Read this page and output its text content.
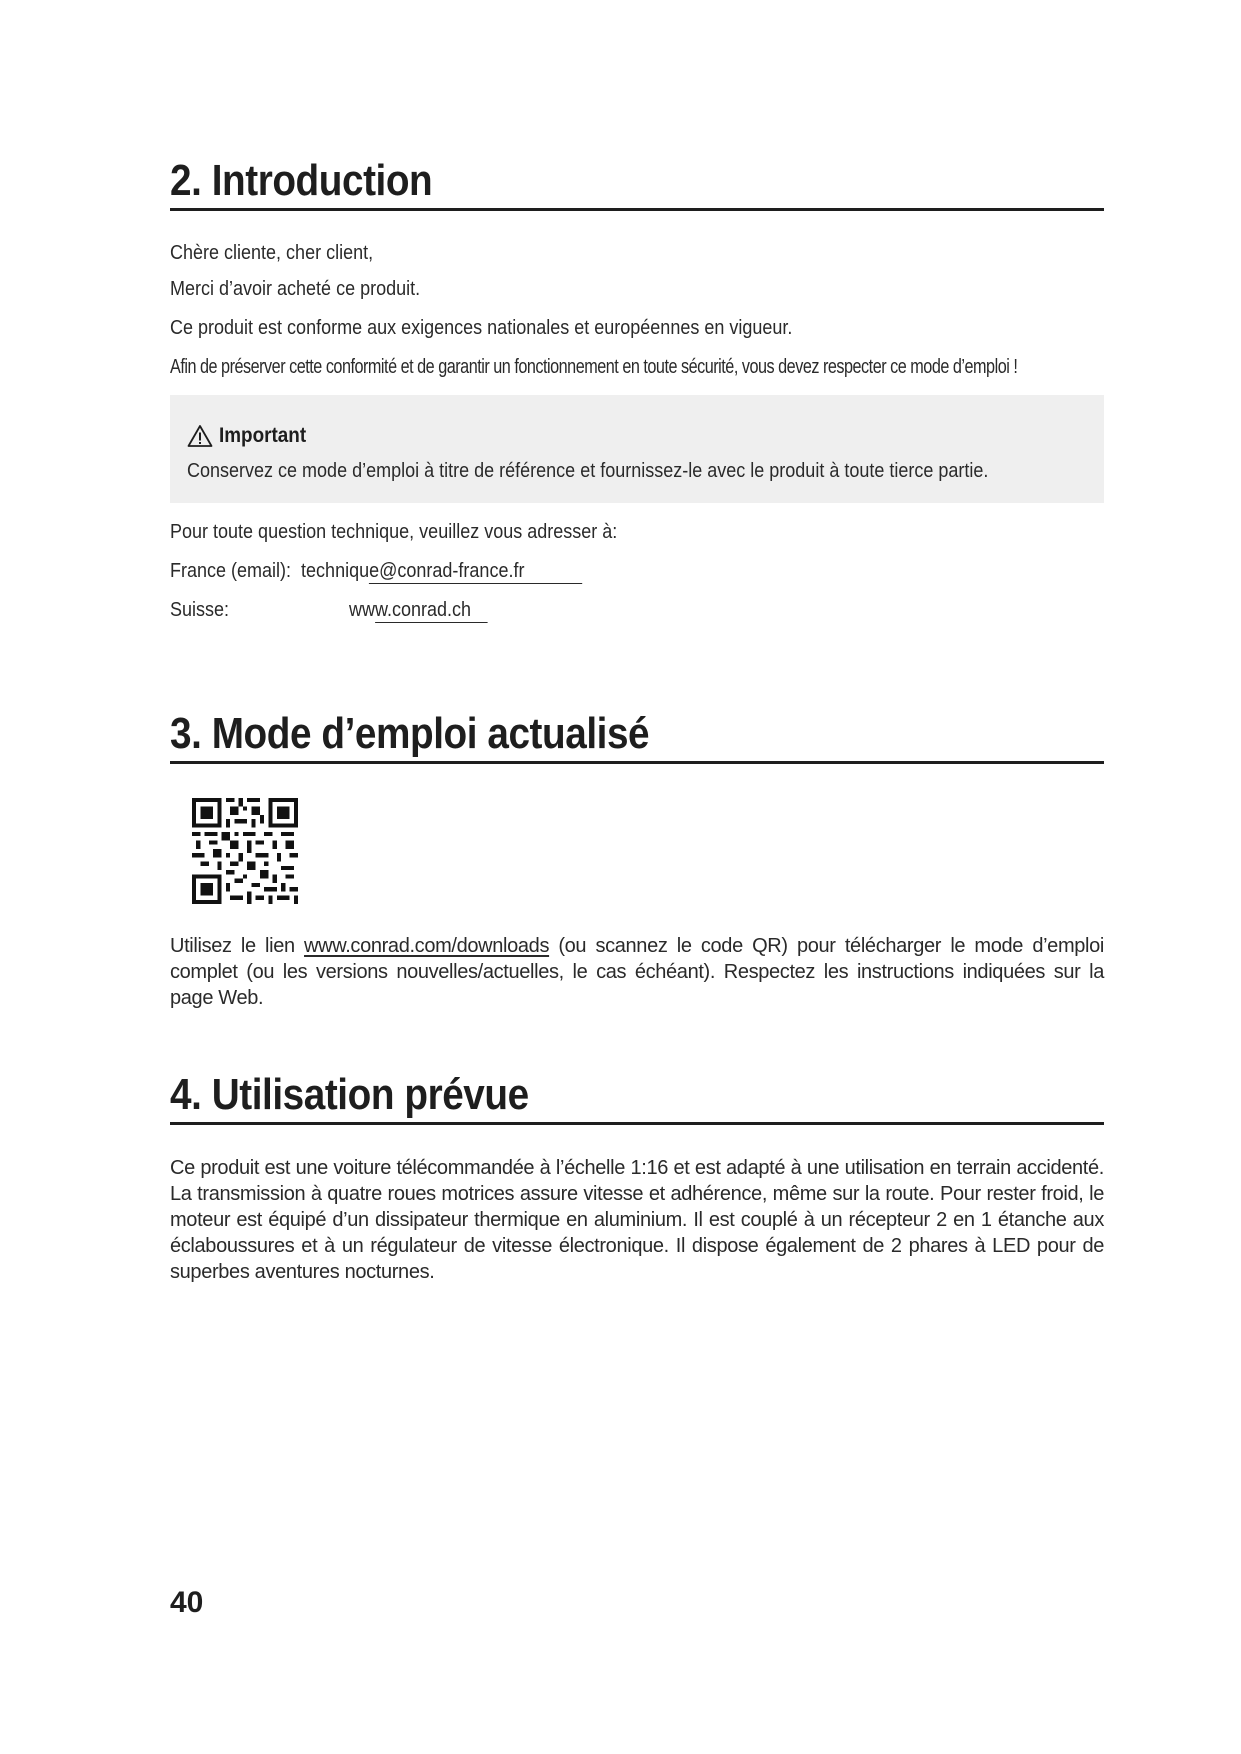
2. Introduction
Chère cliente, cher client,
Merci d’avoir acheté ce produit.
Ce produit est conforme aux exigences nationales et européennes en vigueur.
Afin de préserver cette conformité et de garantir un fonctionnement en toute sécurité, vous devez respecter ce mode d’emploi !
Important
Conservez ce mode d’emploi à titre de référence et fournissez-le avec le produit à toute tierce partie.
Pour toute question technique, veuillez vous adresser à:
France (email): technique@conrad-france.fr
Suisse:	www.conrad.ch
3. Mode d’emploi actualisé
Utilisez le lien www.conrad.com/downloads (ou scannez le code QR) pour télécharger le mode d’emploi complet (ou les versions nouvelles/actuelles, le cas échéant). Respectez les instructions indiquées sur la page Web.
4. Utilisation prévue
Ce produit est une voiture télécommandée à l’échelle 1:16 et est adapté à une utilisation en terrain accidenté. La transmission à quatre roues motrices assure vitesse et adhérence, même sur la route. Pour rester froid, le moteur est équipé d’un dissipateur thermique en aluminium. Il est couplé à un récepteur 2 en 1 étanche aux éclaboussures et à un régulateur de vitesse électronique. Il dispose également de 2 phares à LED pour de superbes aventures nocturnes.
40
